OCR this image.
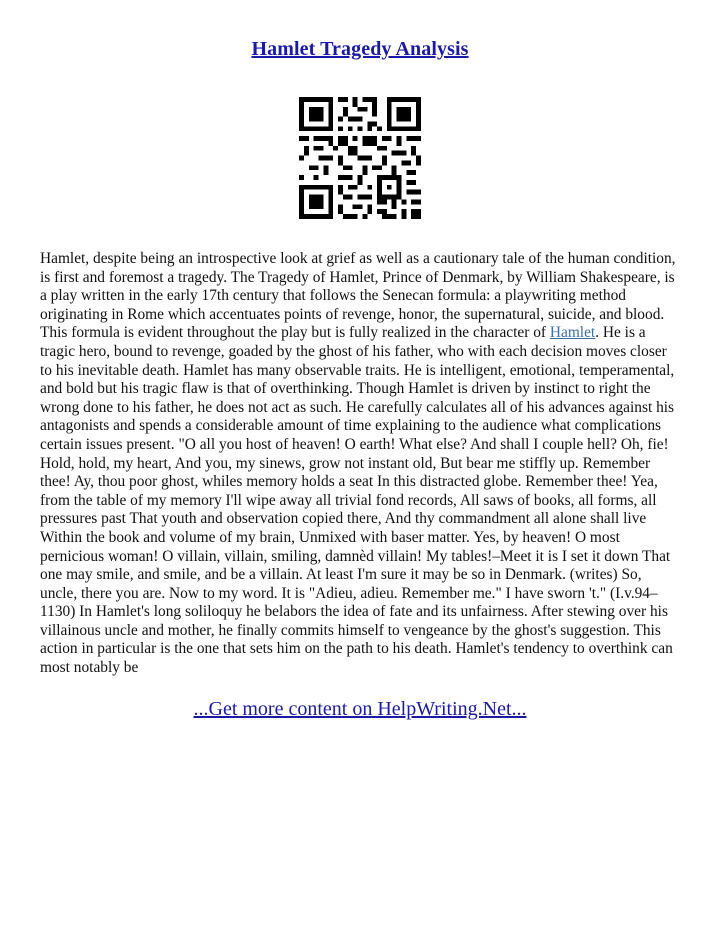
Hamlet Tragedy Analysis
Hamlet, despite being an introspective look at grief as well as a cautionary tale of the human condition, is first and foremost a tragedy. The Tragedy of Hamlet, Prince of Denmark, by William Shakespeare, is a play written in the early 17th century that follows the Senecan formula: a playwriting method originating in Rome which accentuates points of revenge, honor, the supernatural, suicide, and blood. This formula is evident throughout the play but is fully realized in the character of Hamlet. He is a tragic hero, bound to revenge, goaded by the ghost of his father, who with each decision moves closer to his inevitable death. Hamlet has many observable traits. He is intelligent, emotional, temperamental, and bold but his tragic flaw is that of overthinking. Though Hamlet is driven by instinct to right the wrong done to his father, he does not act as such. He carefully calculates all of his advances against his antagonists and spends a considerable amount of time explaining to the audience what complications certain issues present. "O all you host of heaven! O earth! What else? And shall I couple hell? Oh, fie! Hold, hold, my heart, And you, my sinews, grow not instant old, But bear me stiffly up. Remember thee! Ay, thou poor ghost, whiles memory holds a seat In this distracted globe. Remember thee! Yea, from the table of my memory I'll wipe away all trivial fond records, All saws of books, all forms, all pressures past That youth and observation copied there, And thy commandment all alone shall live Within the book and volume of my brain, Unmixed with baser matter. Yes, by heaven! O most pernicious woman! O villain, villain, smiling, damnèd villain! My tables!–Meet it is I set it down That one may smile, and smile, and be a villain. At least I'm sure it may be so in Denmark. (writes) So, uncle, there you are. Now to my word. It is "Adieu, adieu. Remember me." I have sworn 't." (I.v.94–1130) In Hamlet's long soliloquy he belabors the idea of fate and its unfairness. After stewing over his villainous uncle and mother, he finally commits himself to vengeance by the ghost's suggestion. This action in particular is the one that sets him on the path to his death. Hamlet's tendency to overthink can most notably be
...Get more content on HelpWriting.Net...
